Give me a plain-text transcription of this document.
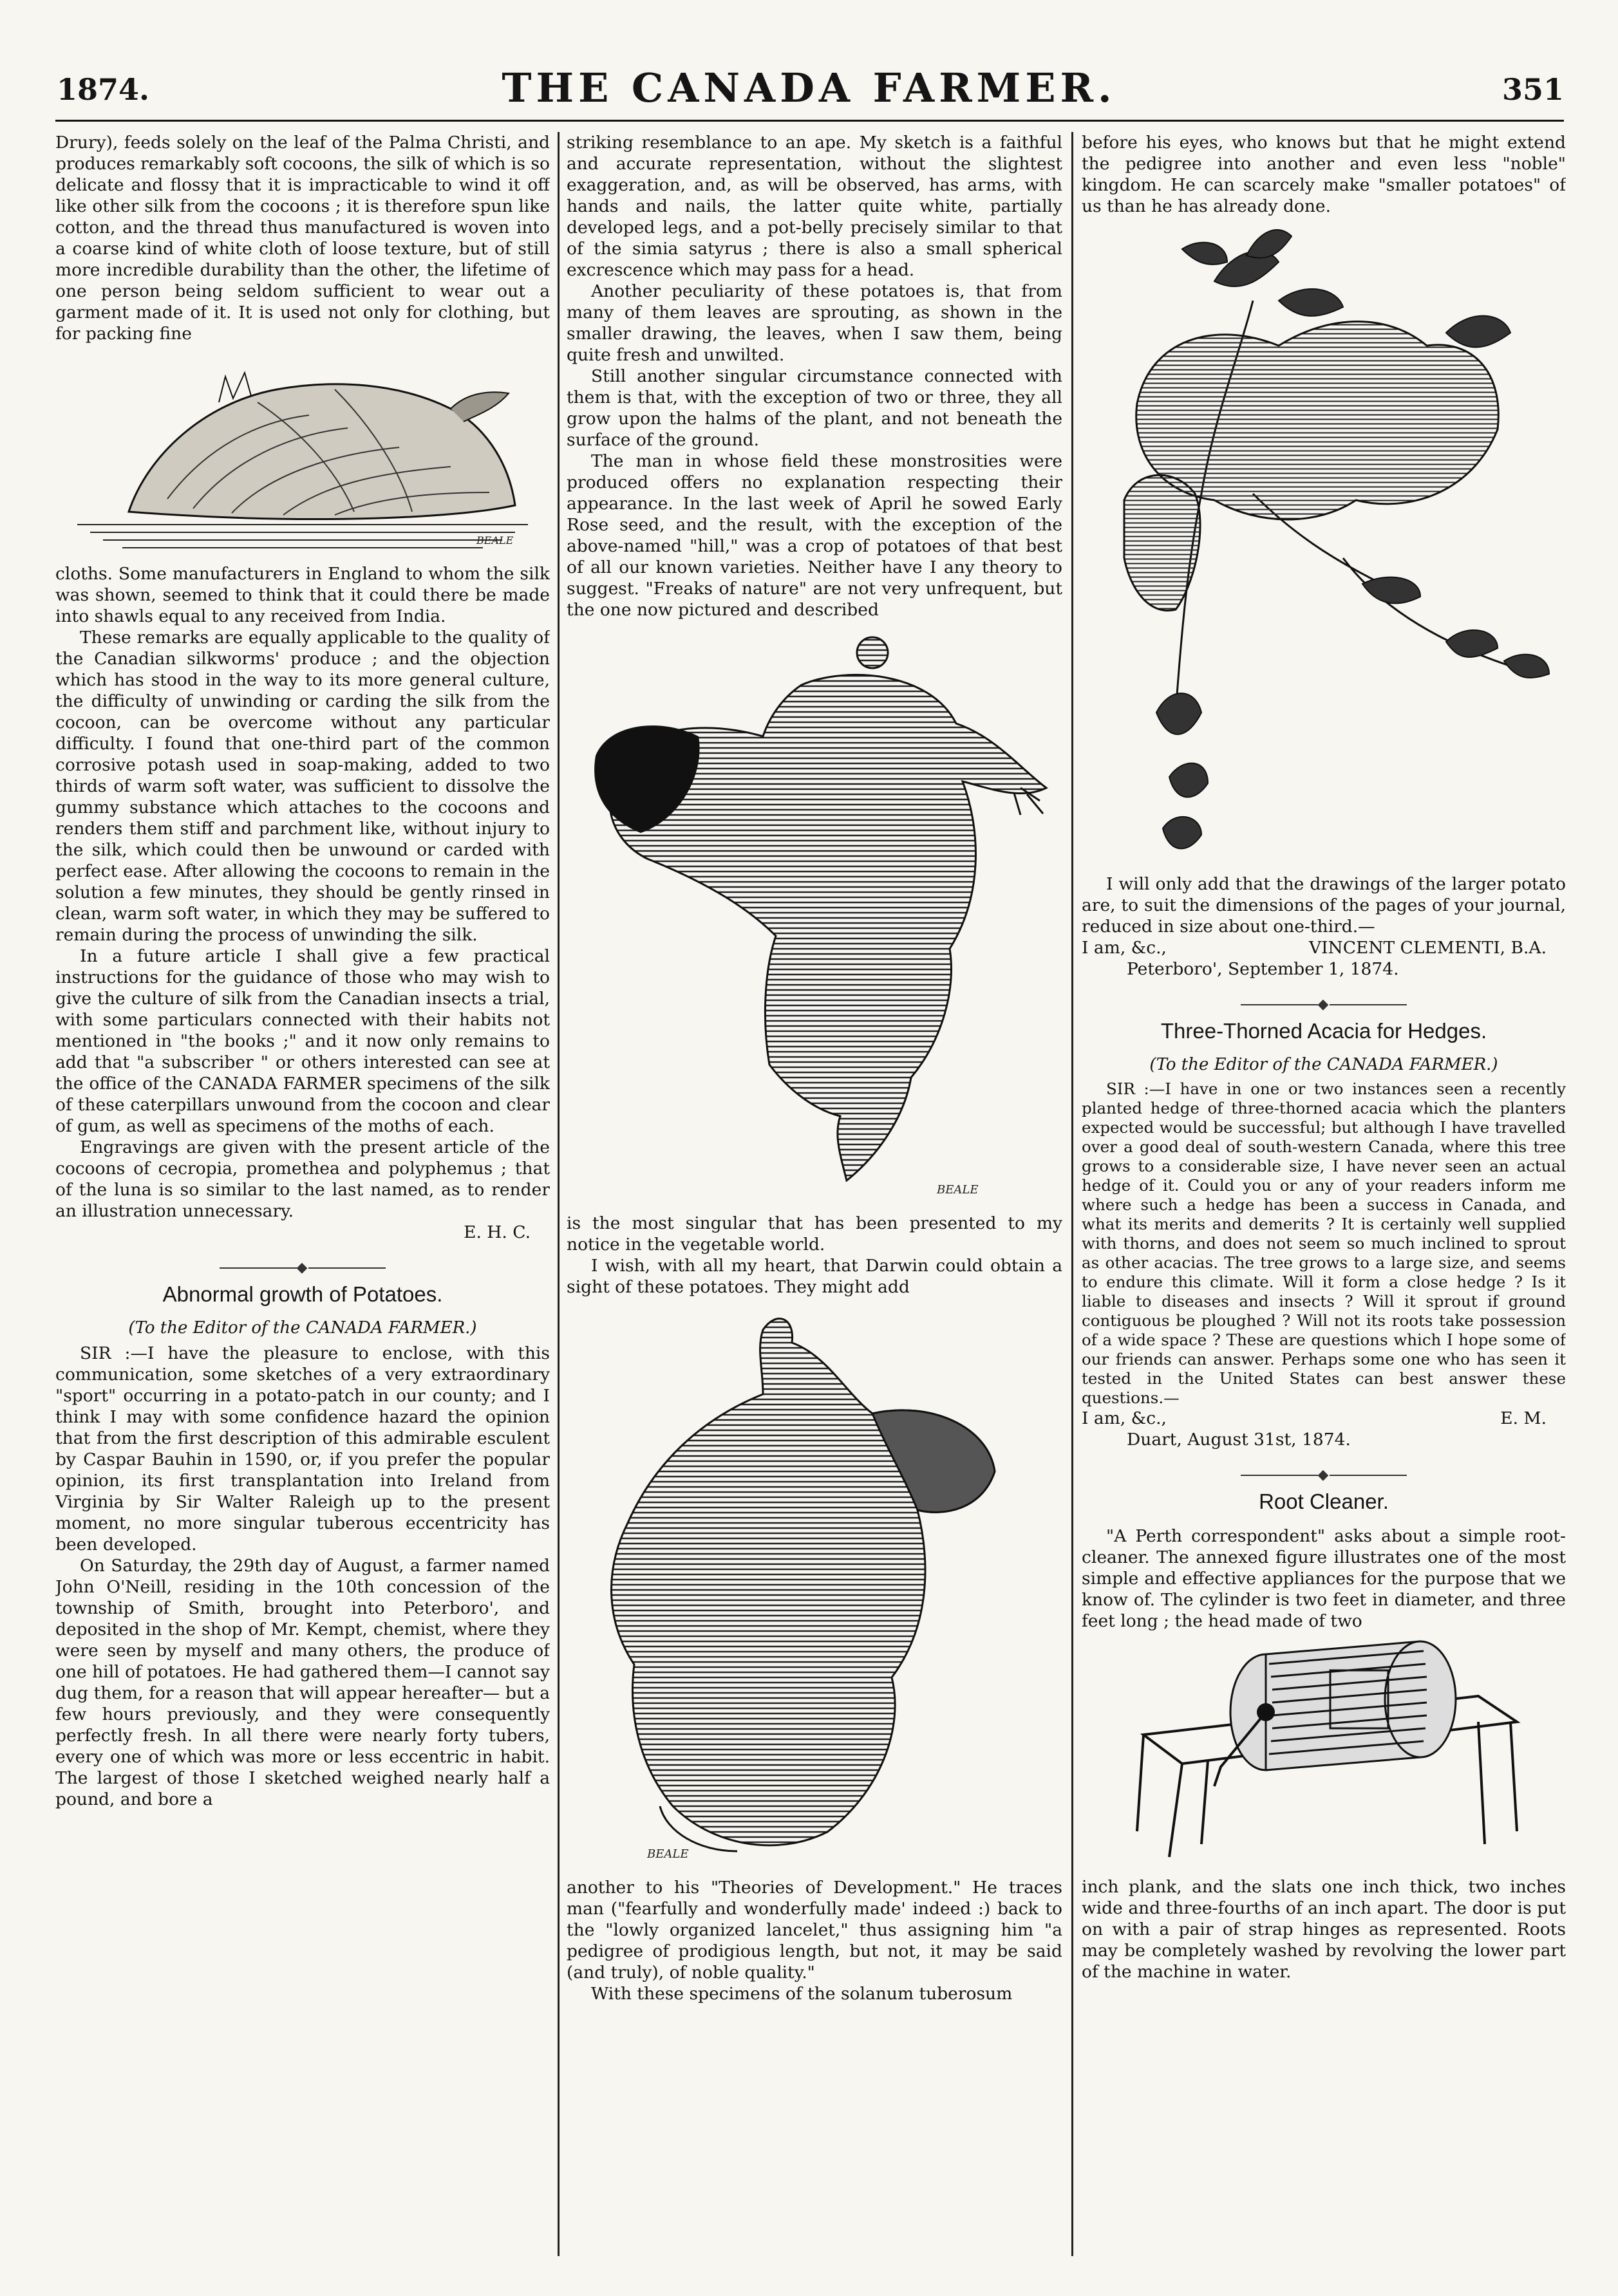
1874.	THE CANADA FARMER.	351

Drury), feeds solely on the leaf of the Palma Christi, and produces remarkably soft cocoons, the silk of which is so delicate and flossy that it is impracticable to wind it off like other silk from the cocoons ; it is therefore spun like cotton, and the thread thus manufactured is woven into a coarse kind of white cloth of loose texture, but of still more incredible durability than the other, the lifetime of one person being seldom sufficient to wear out a garment made of it. It is used not only for clothing, but for packing fine

BEALE

cloths. Some manufacturers in England to whom the silk was shown, seemed to think that it could there be made into shawls equal to any received from India.

These remarks are equally applicable to the quality of the Canadian silkworms' produce ; and the objection which has stood in the way to its more general culture, the difficulty of unwinding or carding the silk from the cocoon, can be overcome without any particular difficulty. I found that one-third part of the common corrosive potash used in soap-making, added to two thirds of warm soft water, was sufficient to dissolve the gummy substance which attaches to the cocoons and renders them stiff and parchment like, without injury to the silk, which could then be unwound or carded with perfect ease. After allowing the cocoons to remain in the solution a few minutes, they should be gently rinsed in clean, warm soft water, in which they may be suffered to remain during the process of unwinding the silk.

In a future article I shall give a few practical instructions for the guidance of those who may wish to give the culture of silk from the Canadian insects a trial, with some particulars connected with their habits not mentioned in "the books ;" and it now only remains to add that "a subscriber " or others interested can see at the office of the CANADA FARMER specimens of the silk of these caterpillars unwound from the cocoon and clear of gum, as well as specimens of the moths of each.

Engravings are given with the present article of the cocoons of cecropia, promethea and polyphemus ; that of the luna is so similar to the last named, as to render an illustration unnecessary.

E. H. C.
◆
Abnormal growth of Potatoes.
(To the Editor of the CANADA FARMER.)

SIR :—I have the pleasure to enclose, with this communication, some sketches of a very extraordinary "sport" occurring in a potato-patch in our county; and I think I may with some confidence hazard the opinion that from the first description of this admirable esculent by Caspar Bauhin in 1590, or, if you prefer the popular opinion, its first transplantation into Ireland from Virginia by Sir Walter Raleigh up to the present moment, no more singular tuberous eccentricity has been developed.

On Saturday, the 29th day of August, a farmer named John O'Neill, residing in the 10th concession of the township of Smith, brought into Peterboro', and deposited in the shop of Mr. Kempt, chemist, where they were seen by myself and many others, the produce of one hill of potatoes. He had gathered them—I cannot say dug them, for a reason that will appear hereafter— but a few hours previously, and they were consequently perfectly fresh. In all there were nearly forty tubers, every one of which was more or less eccentric in habit. The largest of those I sketched weighed nearly half a pound, and bore a

striking resemblance to an ape. My sketch is a faithful and accurate representation, without the slightest exaggeration, and, as will be observed, has arms, with hands and nails, the latter quite white, partially developed legs, and a pot-belly precisely similar to that of the simia satyrus ; there is also a small spherical excrescence which may pass for a head.

Another peculiarity of these potatoes is, that from many of them leaves are sprouting, as shown in the smaller drawing, the leaves, when I saw them, being quite fresh and unwilted.

Still another singular circumstance connected with them is that, with the exception of two or three, they all grow upon the halms of the plant, and not beneath the surface of the ground.

The man in whose field these monstrosities were produced offers no explanation respecting their appearance. In the last week of April he sowed Early Rose seed, and the result, with the exception of the above-named "hill," was a crop of potatoes of that best of all our known varieties. Neither have I any theory to suggest. "Freaks of nature" are not very unfrequent, but the one now pictured and described

BEALE

is the most singular that has been presented to my notice in the vegetable world.

I wish, with all my heart, that Darwin could obtain a sight of these potatoes. They might add

BEALE

another to his "Theories of Development." He traces man ("fearfully and wonderfully made' indeed :) back to the "lowly organized lancelet," thus assigning him "a pedigree of prodigious length, but not, it may be said (and truly), of noble quality."

With these specimens of the solanum tuberosum

before his eyes, who knows but that he might extend the pedigree into another and even less "noble" kingdom. He can scarcely make "smaller potatoes" of us than he has already done.

I will only add that the drawings of the larger potato are, to suit the dimensions of the pages of your journal, reduced in size about one-third.—

I am, &c.,	VINCENT CLEMENTI, B.A.
Peterboro', September 1, 1874.
◆
Three-Thorned Acacia for Hedges.
(To the Editor of the CANADA FARMER.)

SIR :—I have in one or two instances seen a recently planted hedge of three-thorned acacia which the planters expected would be successful; but although I have travelled over a good deal of south-western Canada, where this tree grows to a considerable size, I have never seen an actual hedge of it. Could you or any of your readers inform me where such a hedge has been a success in Canada, and what its merits and demerits ? It is certainly well supplied with thorns, and does not seem so much inclined to sprout as other acacias. The tree grows to a large size, and seems to endure this climate. Will it form a close hedge ? Is it liable to diseases and insects ? Will it sprout if ground contiguous be ploughed ? Will not its roots take possession of a wide space ? These are questions which I hope some of our friends can answer. Perhaps some one who has seen it tested in the United States can best answer these questions.—

I am, &c.,	E. M.
Duart, August 31st, 1874.
◆
Root Cleaner.

"A Perth correspondent" asks about a simple root-cleaner. The annexed figure illustrates one of the most simple and effective appliances for the purpose that we know of. The cylinder is two feet in diameter, and three feet long ; the head made of two

inch plank, and the slats one inch thick, two inches wide and three-fourths of an inch apart. The door is put on with a pair of strap hinges as represented. Roots may be completely washed by revolving the lower part of the machine in water.
